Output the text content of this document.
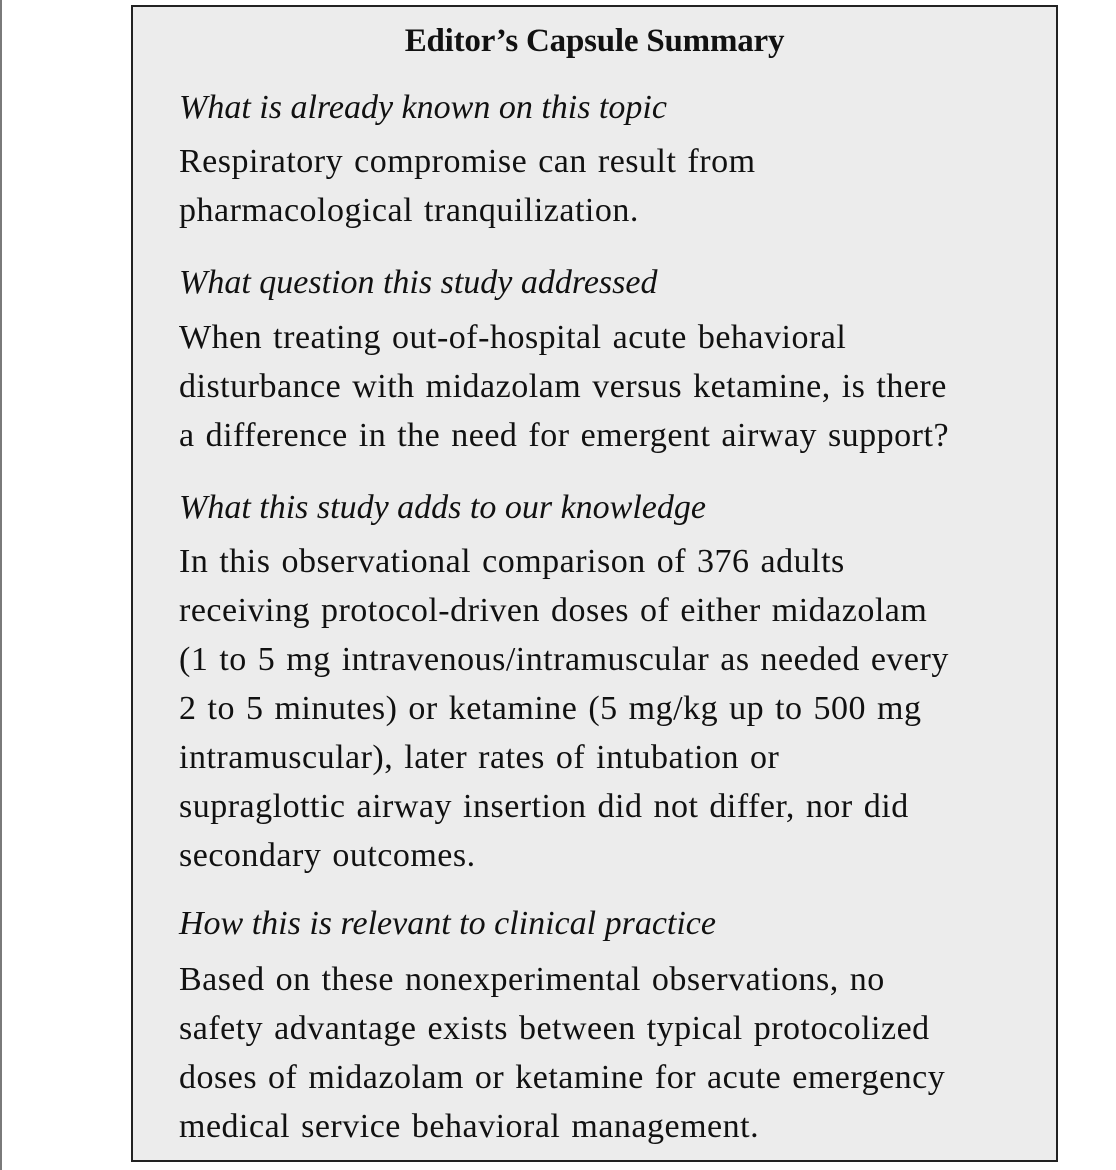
Editor’s Capsule Summary
What is already known on this topic
Respiratory compromise can result from
pharmacological tranquilization.
What question this study addressed
When treating out-of-hospital acute behavioral
disturbance with midazolam versus ketamine, is there
a difference in the need for emergent airway support?
What this study adds to our knowledge
In this observational comparison of 376 adults
receiving protocol-driven doses of either midazolam
(1 to 5 mg intravenous/intramuscular as needed every
2 to 5 minutes) or ketamine (5 mg/kg up to 500 mg
intramuscular), later rates of intubation or
supraglottic airway insertion did not differ, nor did
secondary outcomes.
How this is relevant to clinical practice
Based on these nonexperimental observations, no
safety advantage exists between typical protocolized
doses of midazolam or ketamine for acute emergency
medical service behavioral management.
